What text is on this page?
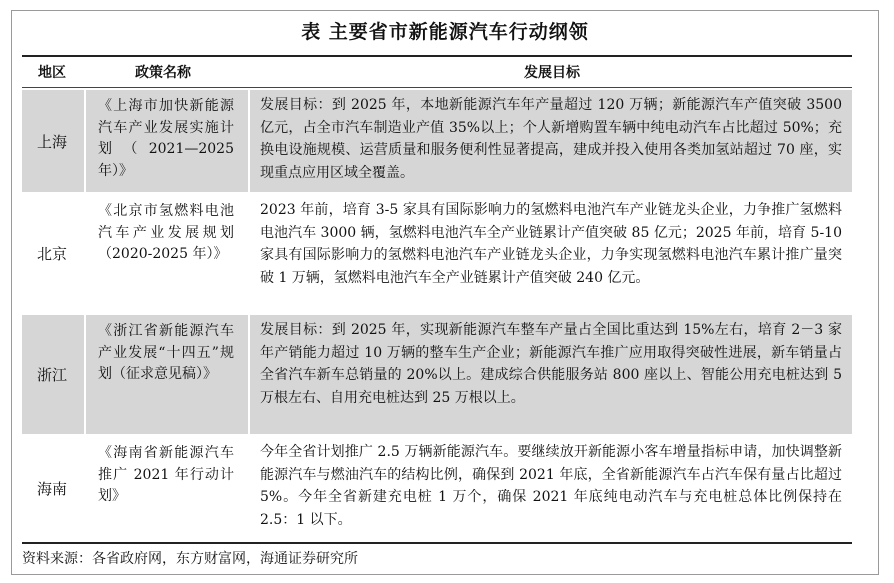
表 主要省市新能源汽车行动纲领
地区	政策名称	发展目标
上海
《上海市加快新能源汽车产业发展实施计划（2021—2025 年）》
发展目标：到 2025 年，本地新能源汽车年产量超过 120 万辆；新能源汽车产值突破 3500 亿元，占全市汽车制造业产值 35%以上；个人新增购置车辆中纯电动汽车占比超过 50%；充换电设施规模、运营质量和服务便利性显著提高，建成并投入使用各类加氢站超过 70 座，实现重点应用区域全覆盖。
北京
《北京市氢燃料电池汽车产业发展规划（2020-2025 年）》
2023 年前，培育 3-5 家具有国际影响力的氢燃料电池汽车产业链龙头企业，力争推广氢燃料电池汽车 3000 辆，氢燃料电池汽车全产业链累计产值突破 85 亿元；2025 年前，培育 5-10 家具有国际影响力的氢燃料电池汽车产业链龙头企业，力争实现氢燃料电池汽车累计推广量突破 1 万辆，氢燃料电池汽车全产业链累计产值突破 240 亿元。
浙江
《浙江省新能源汽车产业发展“十四五”规划（征求意见稿）》
发展目标：到 2025 年，实现新能源汽车整车产量占全国比重达到 15%左右，培育 2－3 家年产销能力超过 10 万辆的整车生产企业；新能源汽车推广应用取得突破性进展，新车销量占全省汽车新车总销量的 20%以上。建成综合供能服务站 800 座以上、智能公用充电桩达到 5 万根左右、自用充电桩达到 25 万根以上。
海南
《海南省新能源汽车推广 2021 年行动计划》
今年全省计划推广 2.5 万辆新能源汽车。要继续放开新能源小客车增量指标申请，加快调整新能源汽车与燃油汽车的结构比例，确保到 2021 年底，全省新能源汽车占汽车保有量占比超过 5%。今年全省新建充电桩 1 万个，确保 2021 年底纯电动汽车与充电桩总体比例保持在 2.5：1 以下。
资料来源：各省政府网，东方财富网，海通证券研究所
